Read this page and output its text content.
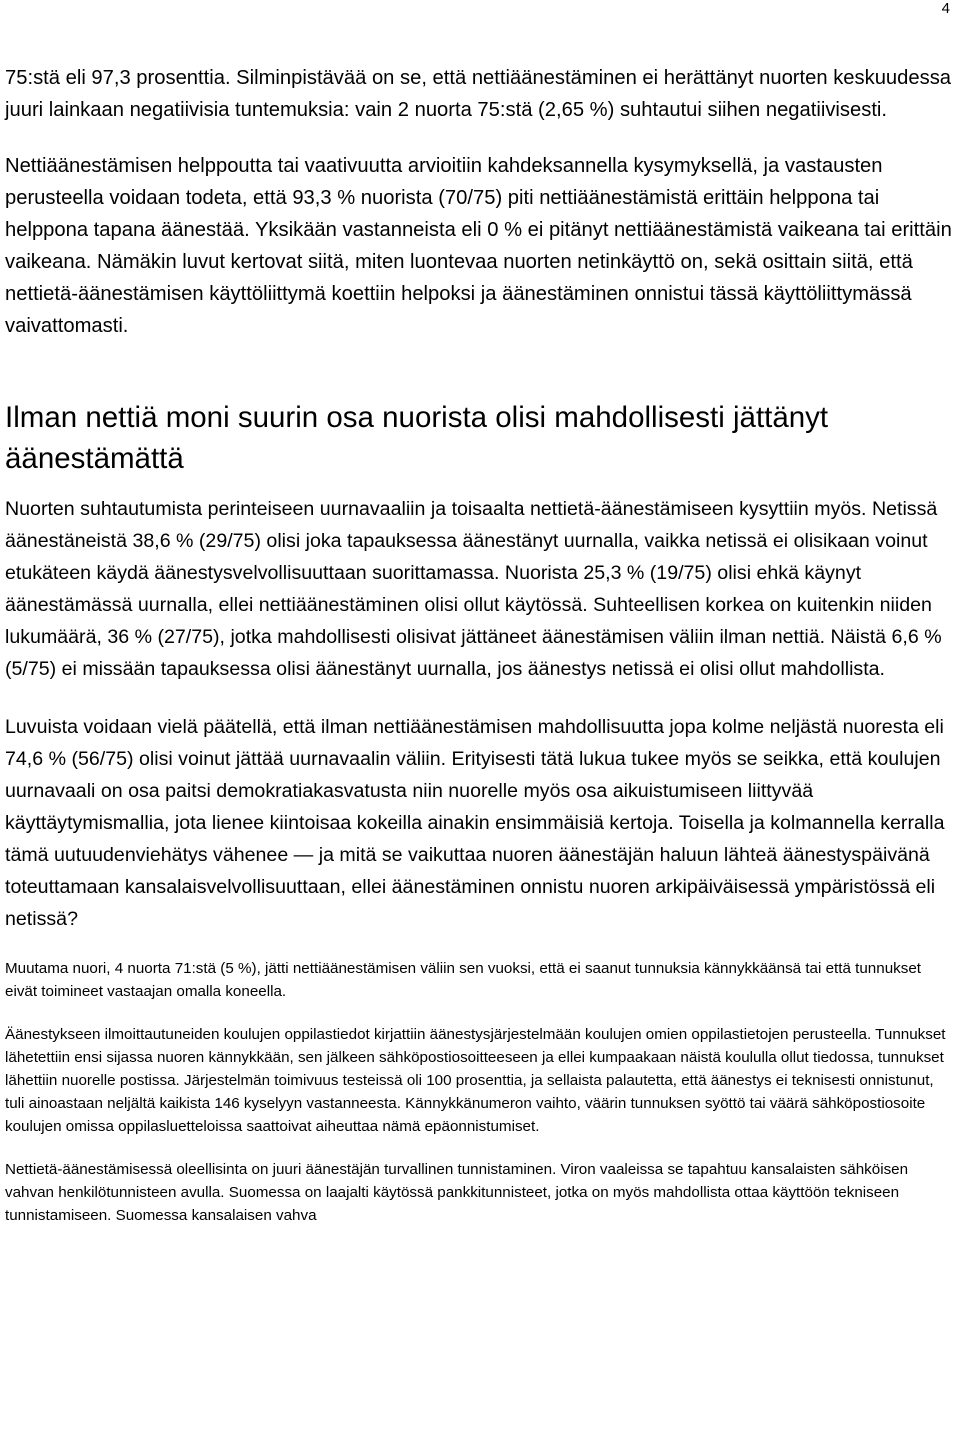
4

75:stä eli 97,3 prosenttia. Silminpistävää on se, että nettiäänestäminen ei herättänyt nuorten keskuudessa juuri lainkaan negatiivisia tuntemuksia: vain 2 nuorta 75:stä (2,65 %) suhtautui siihen negatiivisesti.

Nettiäänestämisen helppoutta tai vaativuutta arvioitiin kahdeksannella kysymyksellä, ja vastausten perusteella voidaan todeta, että 93,3 % nuorista (70/75) piti nettiäänestämistä erittäin helppona tai helppona tapana äänestää. Yksikään vastanneista eli 0 % ei pitänyt nettiäänestämistä vaikeana tai erittäin vaikeana. Nämäkin luvut kertovat siitä, miten luontevaa nuorten netinkäyttö on, sekä osittain siitä, että nettietä-äänestämisen käyttöliittymä koettiin helpoksi ja äänestäminen onnistui tässä käyttöliittymässä vaivattomasti.

Ilman nettiä moni suurin osa nuorista olisi mahdollisesti jättänyt äänestämättä

Nuorten suhtautumista perinteiseen uurnavaaliin ja toisaalta nettietä-äänestämiseen kysyttiin myös. Netissä äänestäneistä 38,6 % (29/75) olisi joka tapauksessa äänestänyt uurnalla, vaikka netissä ei olisikaan voinut etukäteen käydä äänestysvelvollisuuttaan suorittamassa. Nuorista 25,3 % (19/75) olisi ehkä käynyt äänestämässä uurnalla, ellei nettiäänestäminen olisi ollut käytössä. Suhteellisen korkea on kuitenkin niiden lukumäärä, 36 % (27/75), jotka mahdollisesti olisivat jättäneet äänestämisen väliin ilman nettiä. Näistä 6,6 % (5/75) ei missään tapauksessa olisi äänestänyt uurnalla, jos äänestys netissä ei olisi ollut mahdollista.

Luvuista voidaan vielä päätellä, että ilman nettiäänestämisen mahdollisuutta jopa kolme neljästä nuoresta eli 74,6 % (56/75) olisi voinut jättää uurnavaalin väliin. Erityisesti tätä lukua tukee myös se seikka, että koulujen uurnavaali on osa paitsi demokratiakasvatusta niin nuorelle myös osa aikuistumiseen liittyvää käyttäytymismallia, jota lienee kiintoisaa kokeilla ainakin ensimmäisiä kertoja. Toisella ja kolmannella kerralla tämä uutuudenviehätys vähenee — ja mitä se vaikuttaa nuoren äänestäjän haluun lähteä äänestyspäivänä toteuttamaan kansalaisvelvollisuuttaan, ellei äänestäminen onnistu nuoren arkipäiväisessä ympäristössä eli netissä?

Muutama nuori, 4 nuorta 71:stä (5 %), jätti nettiäänestämisen väliin sen vuoksi, että ei saanut tunnuksia kännykkäänsä tai että tunnukset eivät toimineet vastaajan omalla koneella.

Äänestykseen ilmoittautuneiden koulujen oppilastiedot kirjattiin äänestysjärjestelmään koulujen omien oppilastietojen perusteella. Tunnukset lähetettiin ensi sijassa nuoren kännykkään, sen jälkeen sähköpostiosoitteeseen ja ellei kumpaakaan näistä koululla ollut tiedossa, tunnukset lähettiin nuorelle postissa. Järjestelmän toimivuus testeissä oli 100 prosenttia, ja sellaista palautetta, että äänestys ei teknisesti onnistunut, tuli ainoastaan neljältä kaikista 146 kyselyyn vastanneesta. Kännykkänumeron vaihto, väärin tunnuksen syöttö tai väärä sähköpostiosoite koulujen omissa oppilasluetteloissa saattoivat aiheuttaa nämä epäonnistumiset.

Nettietä-äänestämisessä oleellisinta on juuri äänestäjän turvallinen tunnistaminen. Viron vaaleissa se tapahtuu kansalaisten sähköisen vahvan henkilötunnisteen avulla. Suomessa on laajalti käytössä pankkitunnisteet, jotka on myös mahdollista ottaa käyttöön tekniseen tunnistamiseen. Suomessa kansalaisen vahva
